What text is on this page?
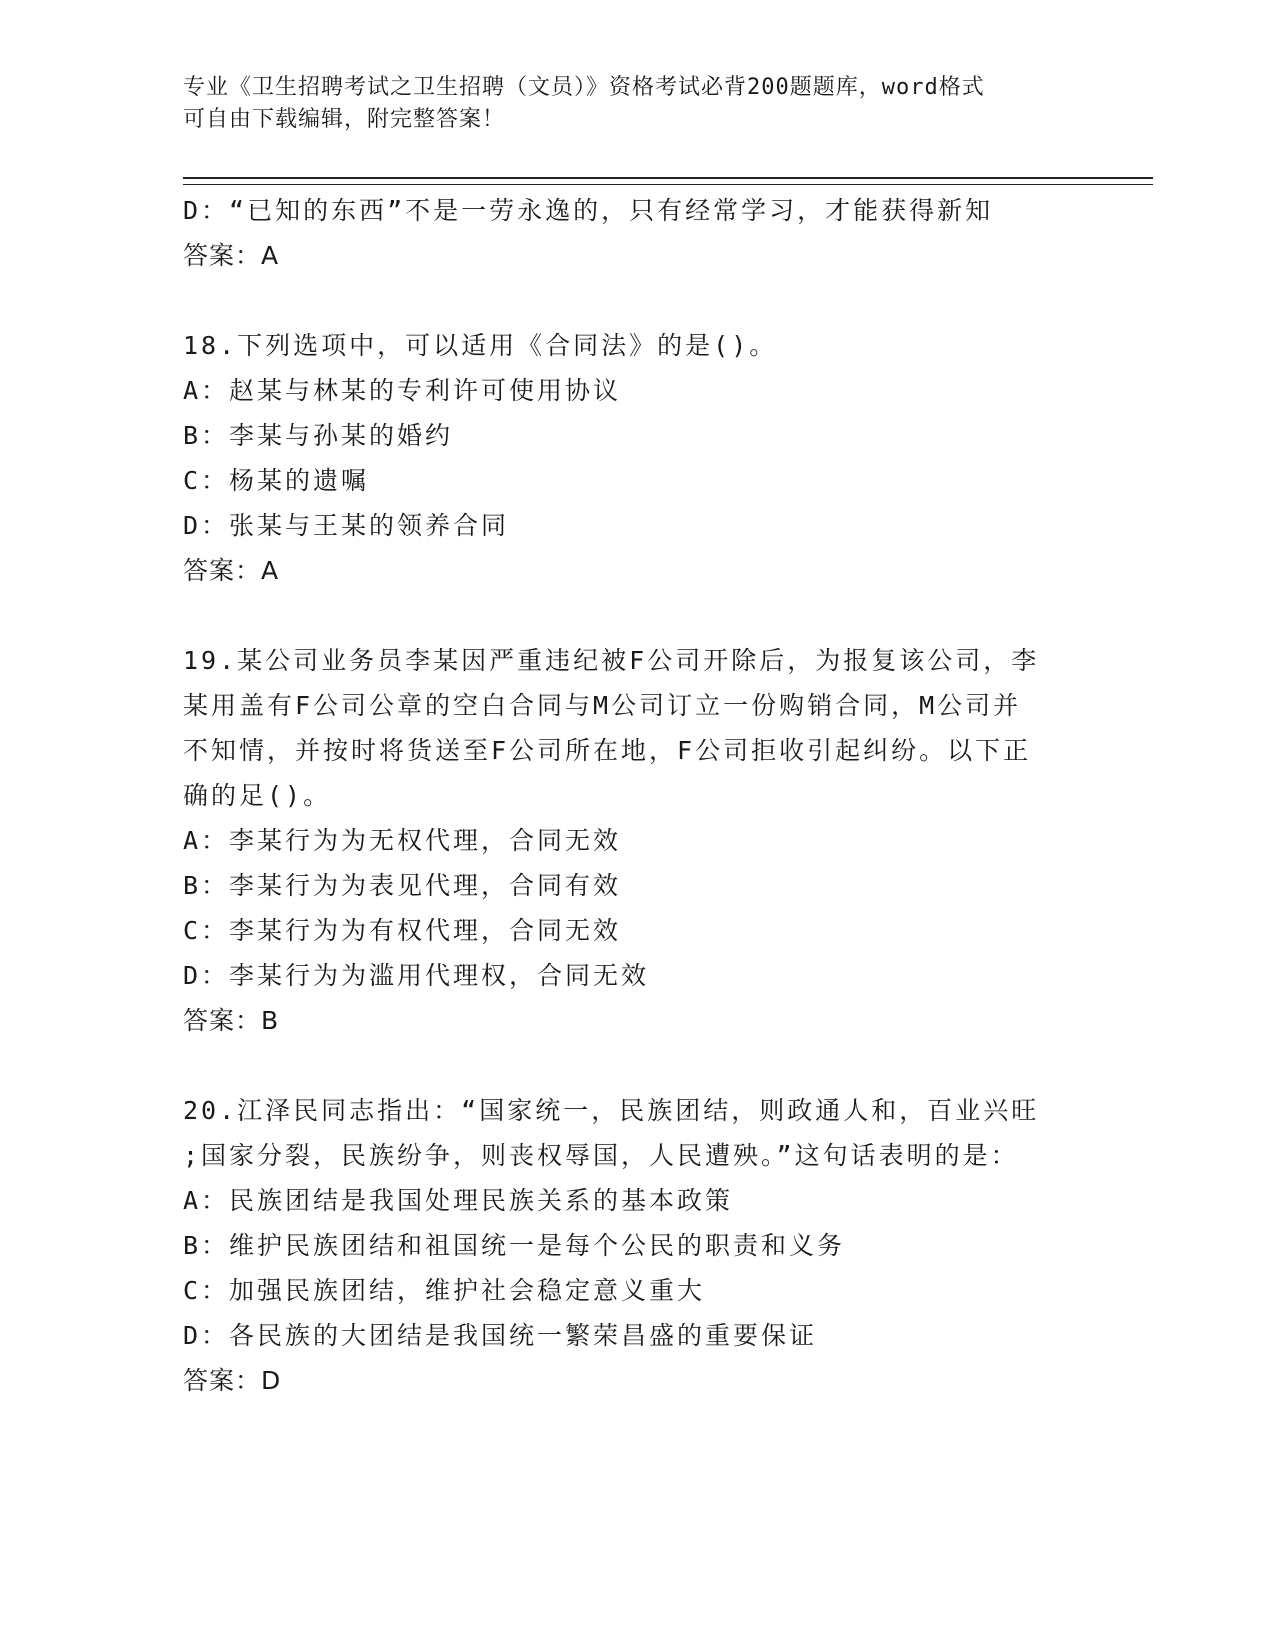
专业《卫生招聘考试之卫生招聘（文员）》资格考试必背200题题库，word格式
可自由下载编辑，附完整答案！
D：“已知的东西”不是一劳永逸的，只有经常学习，才能获得新知
答案：A
18.下列选项中，可以适用《合同法》的是()。
A：赵某与林某的专利许可使用协议
B：李某与孙某的婚约
C：杨某的遗嘱
D：张某与王某的领养合同
答案：A
19.某公司业务员李某因严重违纪被F公司开除后，为报复该公司，李
某用盖有F公司公章的空白合同与M公司订立一份购销合同，M公司并
不知情，并按时将货送至F公司所在地，F公司拒收引起纠纷。以下正
确的足()。
A：李某行为为无权代理，合同无效
B：李某行为为表见代理，合同有效
C：李某行为为有权代理，合同无效
D：李某行为为滥用代理权，合同无效
答案：B
20.江泽民同志指出：“国家统一，民族团结，则政通人和，百业兴旺
;国家分裂，民族纷争，则丧权辱国，人民遭殃。”这句话表明的是：
A：民族团结是我国处理民族关系的基本政策
B：维护民族团结和祖国统一是每个公民的职责和义务
C：加强民族团结，维护社会稳定意义重大
D：各民族的大团结是我国统一繁荣昌盛的重要保证
答案：D
